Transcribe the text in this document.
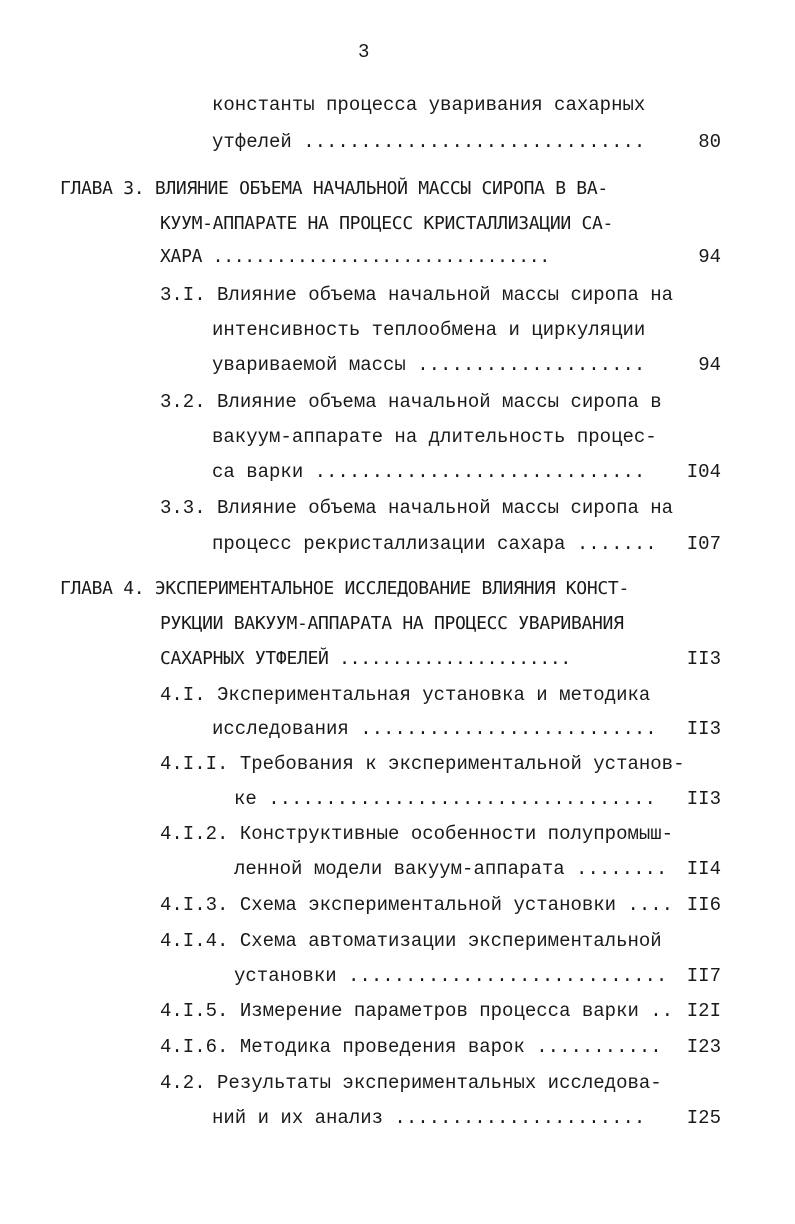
3
константы процесса уваривания сахарных
утфелей ..............................	80
ГЛАВА 3. ВЛИЯНИЕ ОБЪЕМА НАЧАЛЬНОЙ МАССЫ СИРОПА В ВА-
КУУМ-АППАРАТЕ НА ПРОЦЕСС КРИСТАЛЛИЗАЦИИ СА-
ХАРА ................................	94
3.I. Влияние объема начальной массы сиропа на
интенсивность теплообмена и циркуляции
увариваемой массы ....................	94
3.2. Влияние объема начальной массы сиропа в
вакуум-аппарате на длительность процес-
са варки ............................. I04
3.3. Влияние объема начальной массы сиропа на
процесс рекристаллизации сахара ....... I07
ГЛАВА 4. ЭКСПЕРИМЕНТАЛЬНОЕ ИССЛЕДОВАНИЕ ВЛИЯНИЯ КОНСТ-
РУКЦИИ ВАКУУМ-АППАРАТА НА ПРОЦЕСС УВАРИВАНИЯ
САХАРНЫХ УТФЕЛЕЙ ......................	II3
4.I. Экспериментальная установка и методика
исследования .......................... II3
4.I.I. Требования к экспериментальной установ-
ке .................................. II3
4.I.2. Конструктивные особенности полупромыш-
ленной модели вакуум-аппарата ........ II4
4.I.3. Схема экспериментальной установки .... II6
4.I.4. Схема автоматизации экспериментальной
установки ............................ II7
4.I.5. Измерение параметров процесса варки .. I2I
4.I.6. Методика проведения варок ........... I23
4.2. Результаты экспериментальных исследова-
ний и их анализ ...................... I25
